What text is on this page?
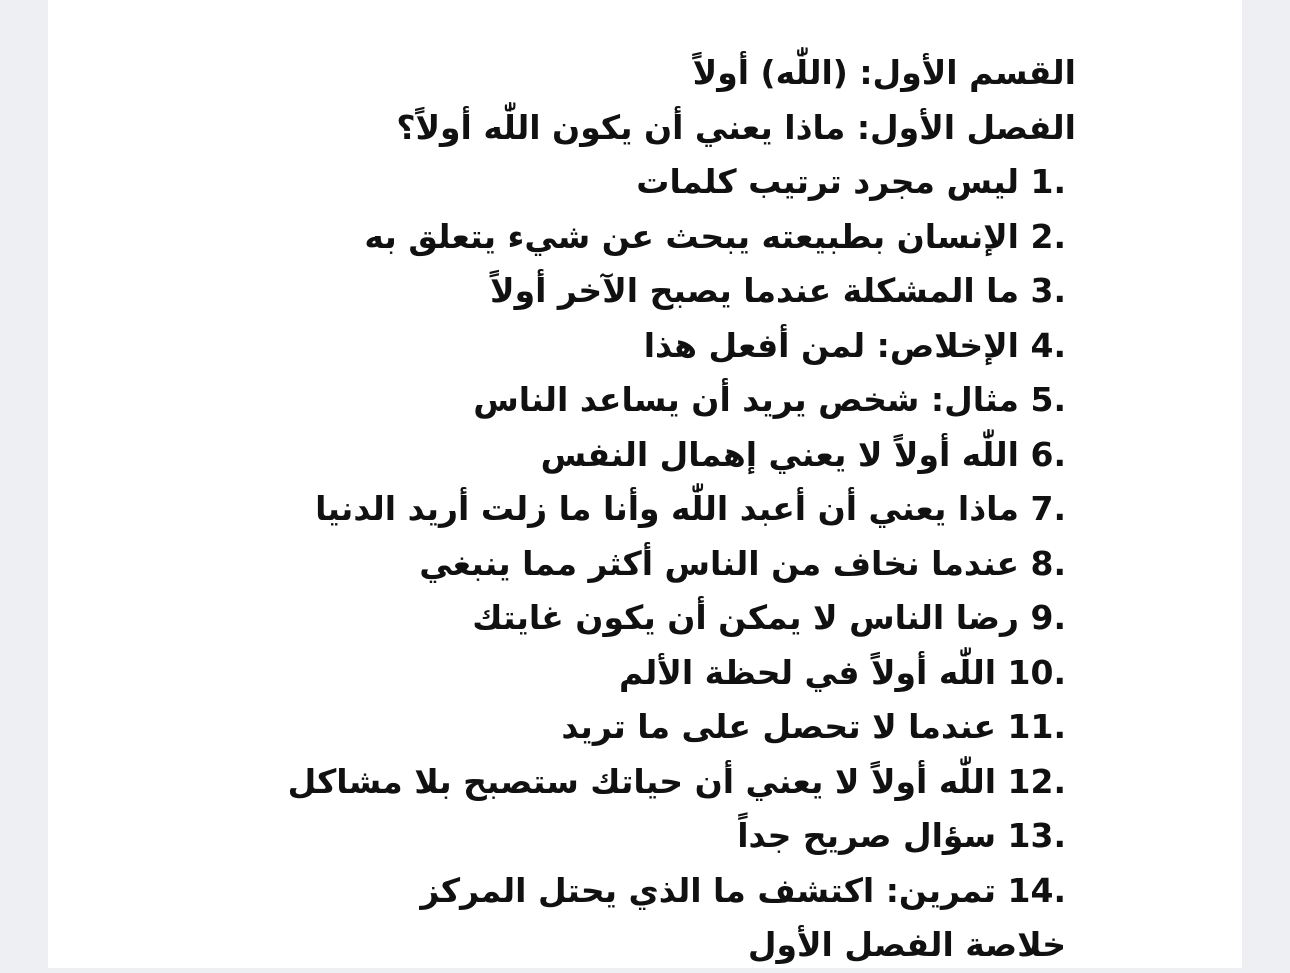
القسم الأول: (اللّٰه) أولاً
الفصل الأول: ماذا يعني أن يكون اللّٰه أولاً؟
1. ليس مجرد ترتيب كلمات
2. الإنسان بطبيعته يبحث عن شيء يتعلق به
3. ما المشكلة عندما يصبح الآخر أولاً
4. الإخلاص: لمن أفعل هذا
5. مثال: شخص يريد أن يساعد الناس
6. اللّٰه أولاً لا يعني إهمال النفس
7. ماذا يعني أن أعبد اللّٰه وأنا ما زلت أريد الدنيا
8. عندما نخاف من الناس أكثر مما ينبغي
9. رضا الناس لا يمكن أن يكون غايتك
10. اللّٰه أولاً في لحظة الألم
11. عندما لا تحصل على ما تريد
12. اللّٰه أولاً لا يعني أن حياتك ستصبح بلا مشاكل
13. سؤال صريح جداً
14. تمرين: اكتشف ما الذي يحتل المركز
خلاصة الفصل الأول
